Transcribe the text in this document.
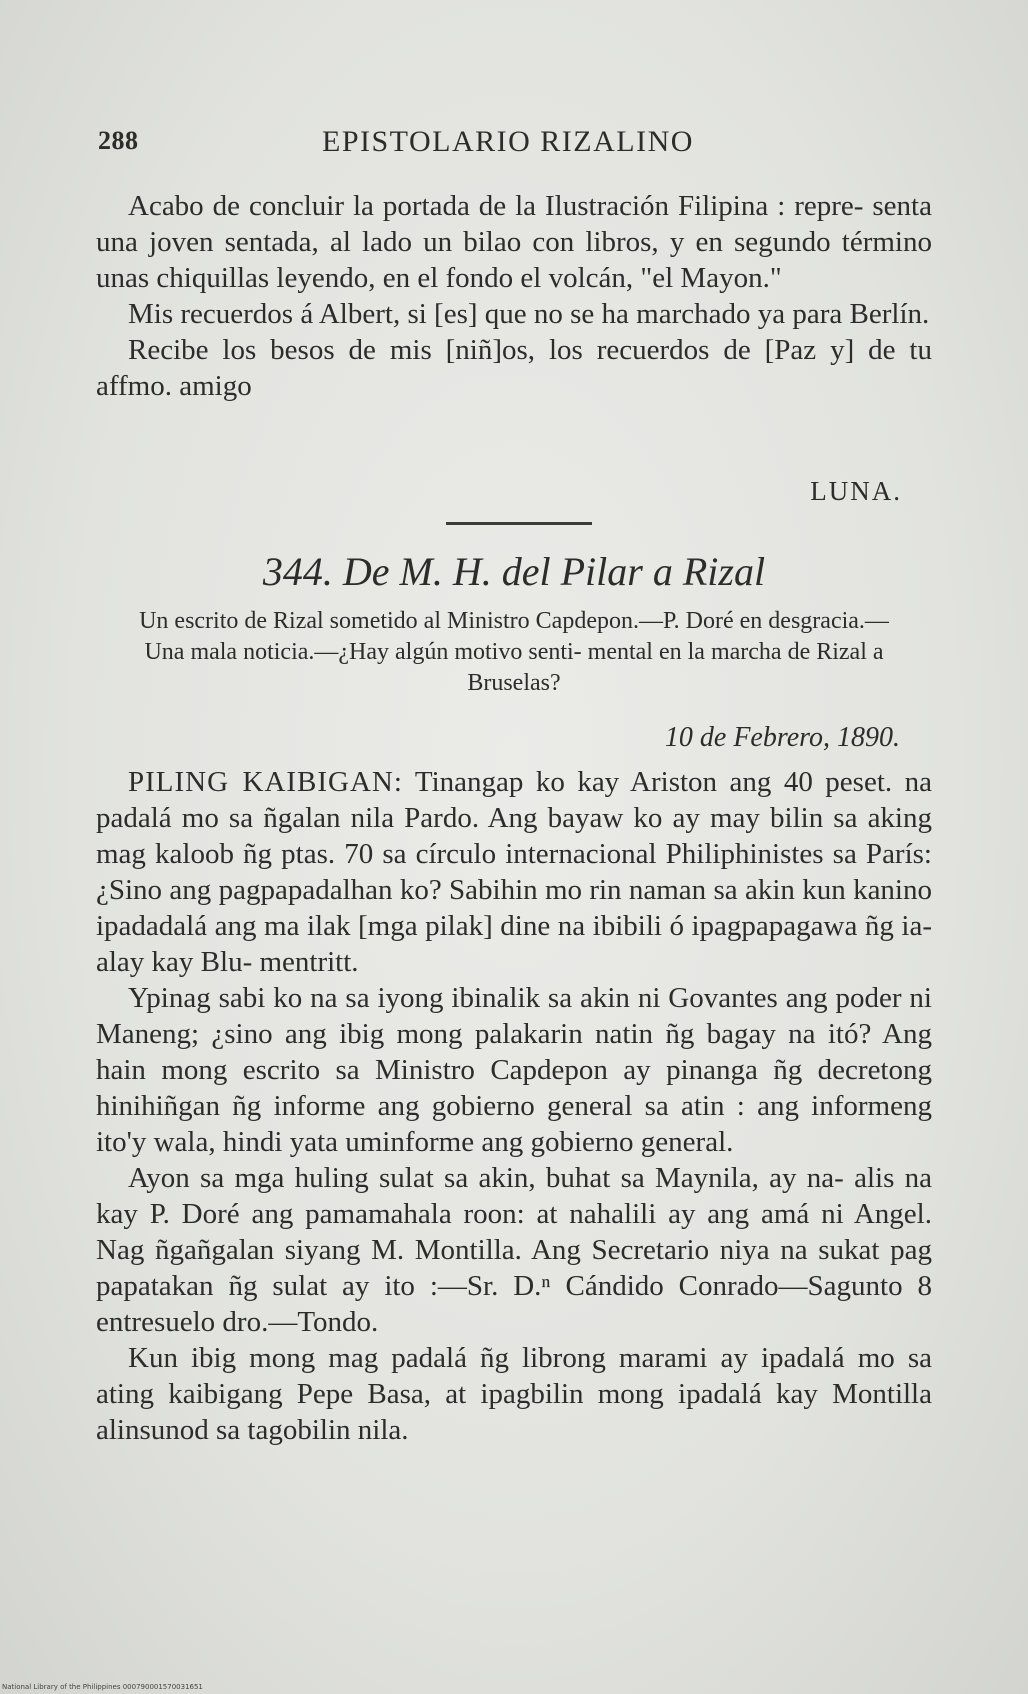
288	EPISTOLARIO RIZALINO

Acabo de concluir la portada de la Ilustración Filipina : repre- senta una joven sentada, al lado un bilao con libros, y en segundo término unas chiquillas leyendo, en el fondo el volcán, "el Mayon."

Mis recuerdos á Albert, si [es] que no se ha marchado ya para Berlín.

Recibe los besos de mis [niñ]os, los recuerdos de [Paz y] de tu affmo. amigo

LUNA.
344. De M. H. del Pilar a Rizal
Un escrito de Rizal sometido al Ministro Capdepon.—P. Doré en desgracia.—Una mala noticia.—¿Hay algún motivo senti- mental en la marcha de Rizal a Bruselas?
10 de Febrero, 1890.

PILING KAIBIGAN: Tinangap ko kay Ariston ang 40 peset. na padalá mo sa ñgalan nila Pardo. Ang bayaw ko ay may bilin sa aking mag kaloob ñg ptas. 70 sa círculo internacional Philiphinistes sa París: ¿Sino ang pagpapadalhan ko? Sabihin mo rin naman sa akin kun kanino ipadadalá ang ma ilak [mga pilak] dine na ibibili ó ipagpapagawa ñg ia-alay kay Blu- mentritt.

Ypinag sabi ko na sa iyong ibinalik sa akin ni Govantes ang poder ni Maneng; ¿sino ang ibig mong palakarin natin ñg bagay na itó? Ang hain mong escrito sa Ministro Capdepon ay pinanga ñg decretong hinihiñgan ñg informe ang gobierno general sa atin : ang informeng ito'y wala, hindi yata uminforme ang gobierno general.

Ayon sa mga huling sulat sa akin, buhat sa Maynila, ay na- alis na kay P. Doré ang pamamahala roon: at nahalili ay ang amá ni Angel. Nag ñgañgalan siyang M. Montilla. Ang Secretario niya na sukat pag papatakan ñg sulat ay ito :—Sr. D.ⁿ Cándido Conrado—Sagunto 8 entresuelo dro.—Tondo.

Kun ibig mong mag padalá ñg librong marami ay ipadalá mo sa ating kaibigang Pepe Basa, at ipagbilin mong ipadalá kay Montilla alinsunod sa tagobilin nila.

National Library of the Philippines 000790001570031651
